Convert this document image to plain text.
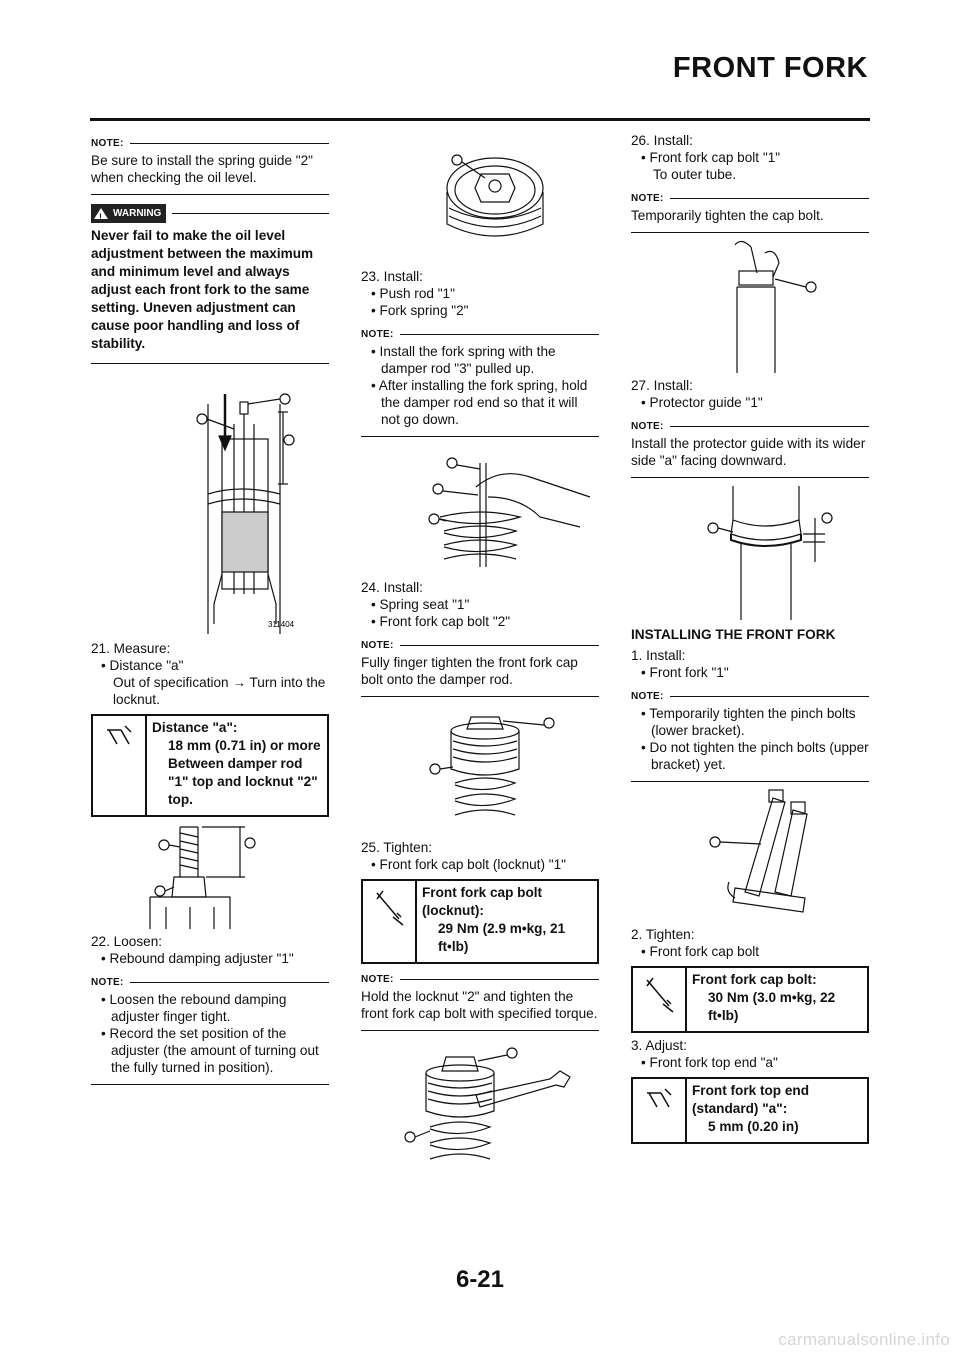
FRONT FORK
NOTE:
Be sure to install the spring guide "2" when checking the oil level.
!
WARNING
Never fail to make the oil level adjustment between the maximum and minimum level and always adjust each front fork to the same setting. Uneven adjustment can cause poor handling and loss of stability.
311404
21. Measure:
• Distance "a"
Out of specification → Turn into the locknut.
Distance "a":
18 mm (0.71 in) or more Between damper rod "1" top and locknut "2" top.
22. Loosen:
• Rebound damping adjuster "1"
NOTE:
• Loosen the rebound damping adjuster finger tight.
• Record the set position of the adjuster (the amount of turning out the fully turned in position).
23. Install:
• Push rod "1"
• Fork spring "2"
NOTE:
• Install the fork spring with the damper rod "3" pulled up.
• After installing the fork spring, hold the damper rod end so that it will not go down.
24. Install:
• Spring seat "1"
• Front fork cap bolt "2"
NOTE:
Fully finger tighten the front fork cap bolt onto the damper rod.
25. Tighten:
• Front fork cap bolt (locknut) "1"
Front fork cap bolt (locknut):
29 Nm (2.9 m•kg, 21 ft•lb)
NOTE:
Hold the locknut "2" and tighten the front fork cap bolt with specified torque.
26. Install:
• Front fork cap bolt "1"
To outer tube.
NOTE:
Temporarily tighten the cap bolt.
27. Install:
• Protector guide "1"
NOTE:
Install the protector guide with its wider side "a" facing downward.
INSTALLING THE FRONT FORK
1. Install:
• Front fork "1"
NOTE:
• Temporarily tighten the pinch bolts (lower bracket).
• Do not tighten the pinch bolts (upper bracket) yet.
2. Tighten:
• Front fork cap bolt
Front fork cap bolt:
30 Nm (3.0 m•kg, 22 ft•lb)
3. Adjust:
• Front fork top end "a"
Front fork top end (standard) "a":
5 mm (0.20 in)
6-21
carmanualsonline.info
